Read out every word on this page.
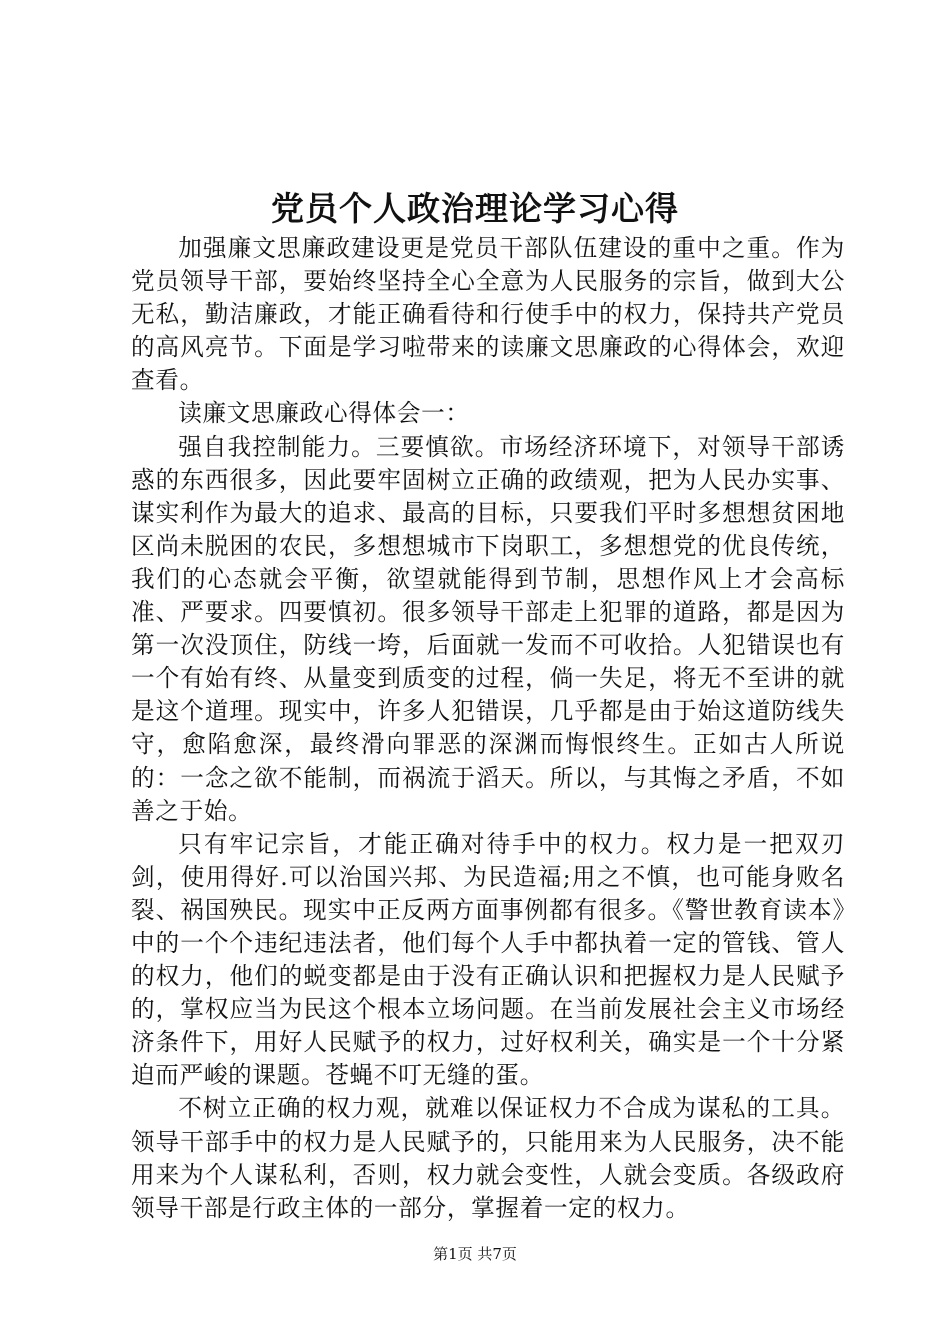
党员个人政治理论学习心得

加强廉文思廉政建设更是党员干部队伍建设的重中之重。作为党员领导干部，要始终坚持全心全意为人民服务的宗旨，做到大公无私，勤洁廉政，才能正确看待和行使手中的权力，保持共产党员的高风亮节。下面是学习啦带来的读廉文思廉政的心得体会，欢迎查看。

读廉文思廉政心得体会一：

强自我控制能力。三要慎欲。市场经济环境下，对领导干部诱惑的东西很多，因此要牢固树立正确的政绩观，把为人民办实事、谋实利作为最大的追求、最高的目标，只要我们平时多想想贫困地区尚未脱困的农民，多想想城市下岗职工，多想想党的优良传统，我们的心态就会平衡，欲望就能得到节制，思想作风上才会高标准、严要求。四要慎初。很多领导干部走上犯罪的道路，都是因为第一次没顶住，防线一垮，后面就一发而不可收拾。人犯错误也有一个有始有终、从量变到质变的过程，倘一失足，将无不至讲的就是这个道理。现实中，许多人犯错误，几乎都是由于始这道防线失守，愈陷愈深，最终滑向罪恶的深渊而悔恨终生。正如古人所说的：一念之欲不能制，而祸流于滔天。所以，与其悔之矛盾，不如善之于始。

只有牢记宗旨，才能正确对待手中的权力。权力是一把双刃剑，使用得好.可以治国兴邦、为民造福;用之不慎，也可能身败名裂、祸国殃民。现实中正反两方面事例都有很多。《警世教育读本》中的一个个违纪违法者，他们每个人手中都执着一定的管钱、管人的权力，他们的蜕变都是由于没有正确认识和把握权力是人民赋予的，掌权应当为民这个根本立场问题。在当前发展社会主义市场经济条件下，用好人民赋予的权力，过好权利关，确实是一个十分紧迫而严峻的课题。苍蝇不叮无缝的蛋。

不树立正确的权力观，就难以保证权力不合成为谋私的工具。领导干部手中的权力是人民赋予的，只能用来为人民服务，决不能用来为个人谋私利，否则，权力就会变性，人就会变质。各级政府领导干部是行政主体的一部分，掌握着一定的权力。

第1页 共7页
